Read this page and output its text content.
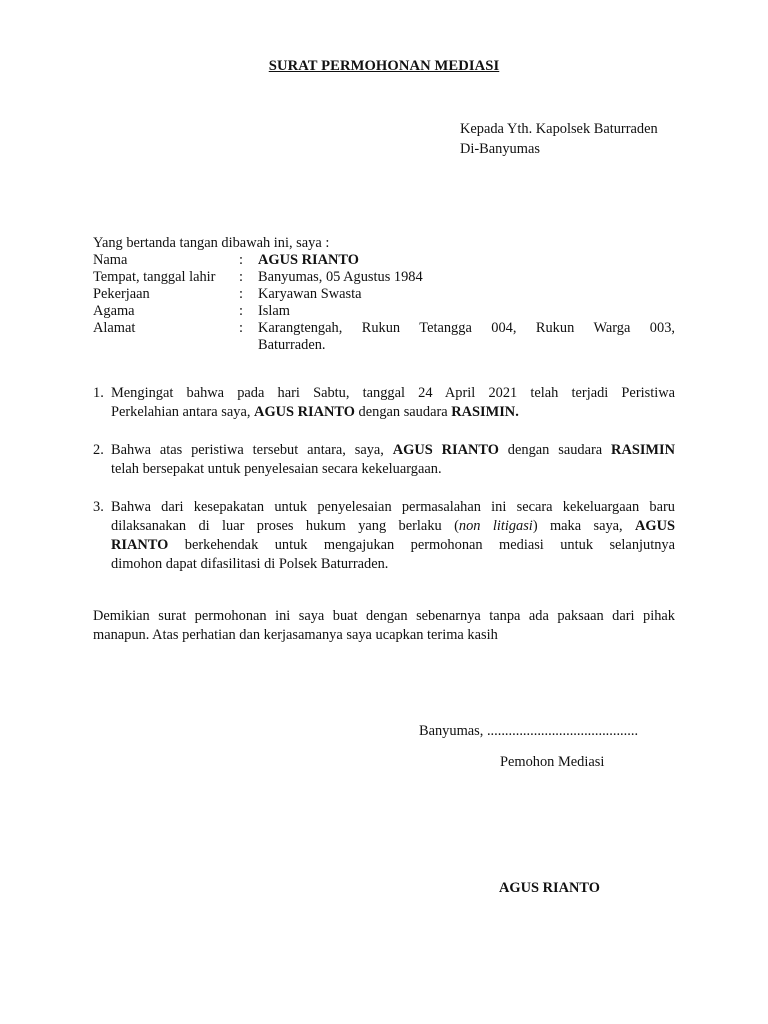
SURAT PERMOHONAN MEDIASI
Kepada Yth. Kapolsek Baturraden
Di-Banyumas
Yang bertanda tangan dibawah ini, saya :
Nama	: AGUS RIANTO
Tempat, tanggal lahir : Banyumas, 05 Agustus 1984
Pekerjaan	: Karyawan Swasta
Agama	: Islam
Alamat	: Karangtengah, Rukun Tetangga 004, Rukun Warga 003,
Baturraden.
1. Mengingat bahwa pada hari Sabtu, tanggal 24 April 2021 telah terjadi Peristiwa
Perkelahian antara saya, AGUS RIANTO dengan saudara RASIMIN.
2. Bahwa atas peristiwa tersebut antara, saya, AGUS RIANTO dengan saudara RASIMIN
telah bersepakat untuk penyelesaian secara kekeluargaan.
3. Bahwa dari kesepakatan untuk penyelesaian permasalahan ini secara kekeluargaan baru
dilaksanakan di luar proses hukum yang berlaku (non litigasi) maka saya, AGUS
RIANTO berkehendak untuk mengajukan permohonan mediasi untuk selanjutnya
dimohon dapat difasilitasi di Polsek Baturraden.
Demikian surat permohonan ini saya buat dengan sebenarnya tanpa ada paksaan dari pihak
manapun. Atas perhatian dan kerjasamanya saya ucapkan terima kasih
Banyumas, ..........................................
Pemohon Mediasi
AGUS RIANTO
